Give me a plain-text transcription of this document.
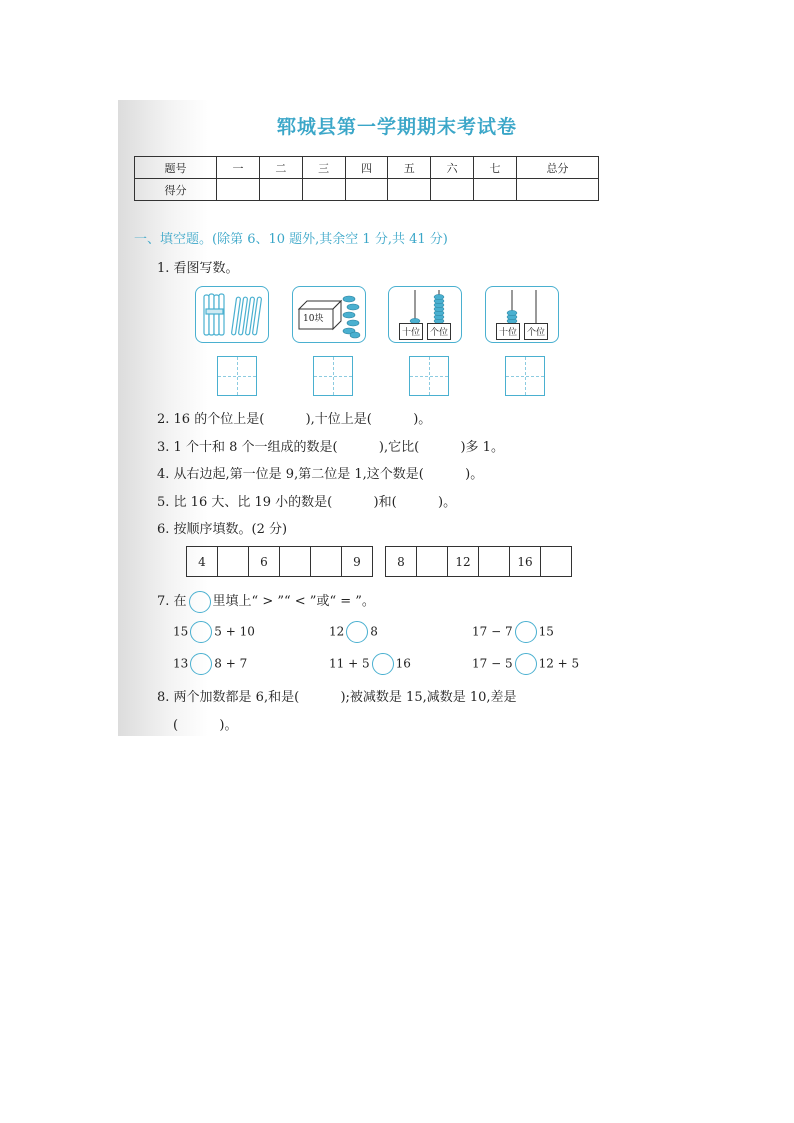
郓城县第一学期期末考试卷
题号	一	二	三	四	五	六	七	总分
得分								
一、填空题。(除第 6、10 题外,其余空 1 分,共 41 分)
1. 看图写数。
10块
十位	个位	十位	个位
2. 16 的个位上是(          ),十位上是(          )。
3. 1 个十和 8 个一组成的数是(          ),它比(          )多 1。
4. 从右边起,第一位是 9,第二位是 1,这个数是(          )。
5. 比 16 大、比 19 小的数是(          )和(          )。
6. 按顺序填数。(2 分)
4		6			9	8		12		16	
7. 在 里填上“ > ”“ < ”或“ = ”。
15 5 + 10	12 8	17 − 7 15
13 8 + 7	11 + 5 16	17 − 5 12 + 5
8. 两个加数都是 6,和是(          );被减数是 15,减数是 10,差是
(          )。
